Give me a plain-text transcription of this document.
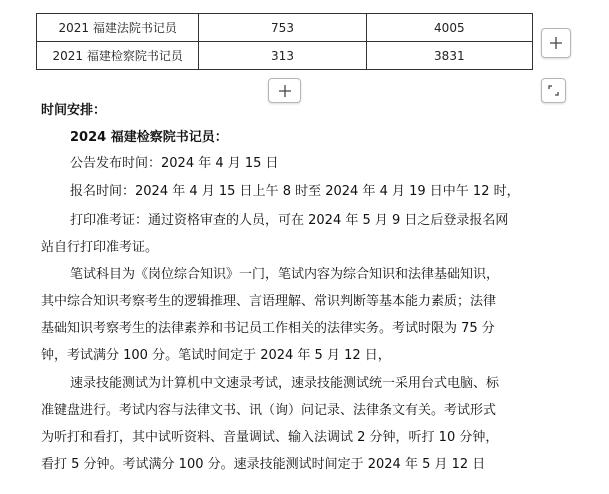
2021 福建法院书记员	753	4005
2021 福建检察院书记员	313	3831
时间安排：
2024 福建检察院书记员：
公告发布时间：2024 年 4 月 15 日
报名时间：2024 年 4 月 15 日上午 8 时至 2024 年 4 月 19 日中午 12 时，
打印准考证：通过资格审查的人员，可在 2024 年 5 月 9 日之后登录报名网
站自行打印准考证。
笔试科目为《岗位综合知识》一门，笔试内容为综合知识和法律基础知识，
其中综合知识考察考生的逻辑推理、言语理解、常识判断等基本能力素质；法律
基础知识考察考生的法律素养和书记员工作相关的法律实务。考试时限为 75 分
钟，考试满分 100 分。笔试时间定于 2024 年 5 月 12 日，
速录技能测试为计算机中文速录考试，速录技能测试统一采用台式电脑、标
准键盘进行。考试内容与法律文书、讯（询）问记录、法律条文有关。考试形式
为听打和看打，其中试听资料、音量调试、输入法调试 2 分钟，听打 10 分钟，
看打 5 分钟。考试满分 100 分。速录技能测试时间定于 2024 年 5 月 12 日
